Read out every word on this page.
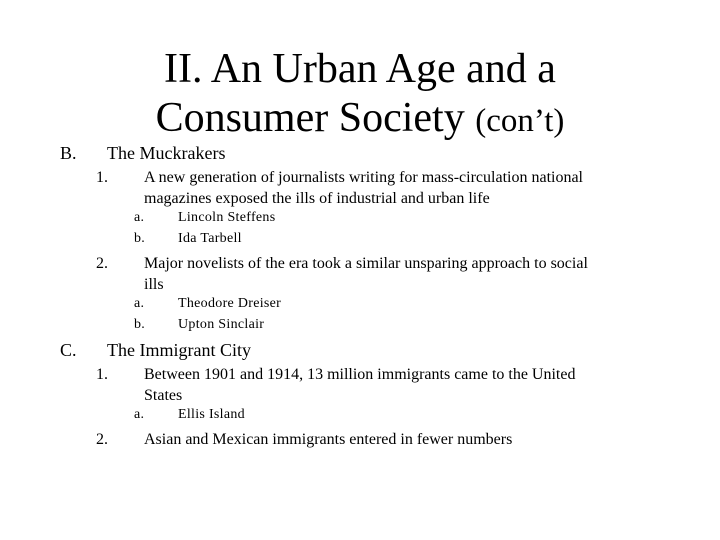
II. An Urban Age and a
Consumer Society (con’t)
B. The Muckrakers
1. A new generation of journalists writing for mass-circulation national
magazines exposed the ills of industrial and urban life
a. Lincoln Steffens
b. Ida Tarbell
2. Major novelists of the era took a similar unsparing approach to social
ills
a. Theodore Dreiser
b. Upton Sinclair
C. The Immigrant City
1. Between 1901 and 1914, 13 million immigrants came to the United
States
a. Ellis Island
2. Asian and Mexican immigrants entered in fewer numbers
